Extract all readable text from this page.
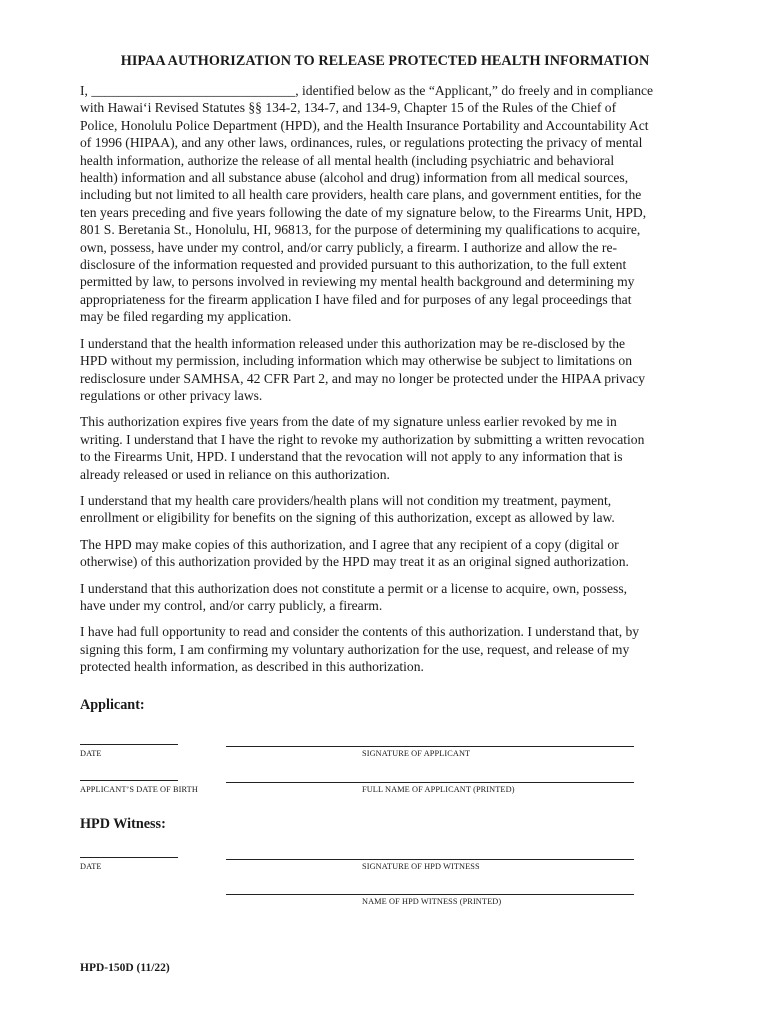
HIPAA AUTHORIZATION TO RELEASE PROTECTED HEALTH INFORMATION

I, ______________________________, identified below as the “Applicant,” do freely and in compliance
with Hawai‘i Revised Statutes §§ 134-2, 134-7, and 134-9, Chapter 15 of the Rules of the Chief of
Police, Honolulu Police Department (HPD), and the Health Insurance Portability and Accountability Act
of 1996 (HIPAA), and any other laws, ordinances, rules, or regulations protecting the privacy of mental
health information, authorize the release of all mental health (including psychiatric and behavioral
health) information and all substance abuse (alcohol and drug) information from all medical sources,
including but not limited to all health care providers, health care plans, and government entities, for the
ten years preceding and five years following the date of my signature below, to the Firearms Unit, HPD,
801 S. Beretania St., Honolulu, HI, 96813, for the purpose of determining my qualifications to acquire,
own, possess, have under my control, and/or carry publicly, a firearm. I authorize and allow the re-
disclosure of the information requested and provided pursuant to this authorization, to the full extent
permitted by law, to persons involved in reviewing my mental health background and determining my
appropriateness for the firearm application I have filed and for purposes of any legal proceedings that
may be filed regarding my application.

I understand that the health information released under this authorization may be re-disclosed by the
HPD without my permission, including information which may otherwise be subject to limitations on
redisclosure under SAMHSA, 42 CFR Part 2, and may no longer be protected under the HIPAA privacy
regulations or other privacy laws.

This authorization expires five years from the date of my signature unless earlier revoked by me in
writing. I understand that I have the right to revoke my authorization by submitting a written revocation
to the Firearms Unit, HPD. I understand that the revocation will not apply to any information that is
already released or used in reliance on this authorization.

I understand that my health care providers/health plans will not condition my treatment, payment,
enrollment or eligibility for benefits on the signing of this authorization, except as allowed by law.

The HPD may make copies of this authorization, and I agree that any recipient of a copy (digital or
otherwise) of this authorization provided by the HPD may treat it as an original signed authorization.

I understand that this authorization does not constitute a permit or a license to acquire, own, possess,
have under my control, and/or carry publicly, a firearm.

I have had full opportunity to read and consider the contents of this authorization. I understand that, by
signing this form, I am confirming my voluntary authorization for the use, request, and release of my
protected health information, as described in this authorization.

Applicant:
DATE	SIGNATURE OF APPLICANT
APPLICANT’S DATE OF BIRTH	FULL NAME OF APPLICANT (PRINTED)
HPD Witness:
DATE	SIGNATURE OF HPD WITNESS
NAME OF HPD WITNESS (PRINTED)
HPD-150D (11/22)
